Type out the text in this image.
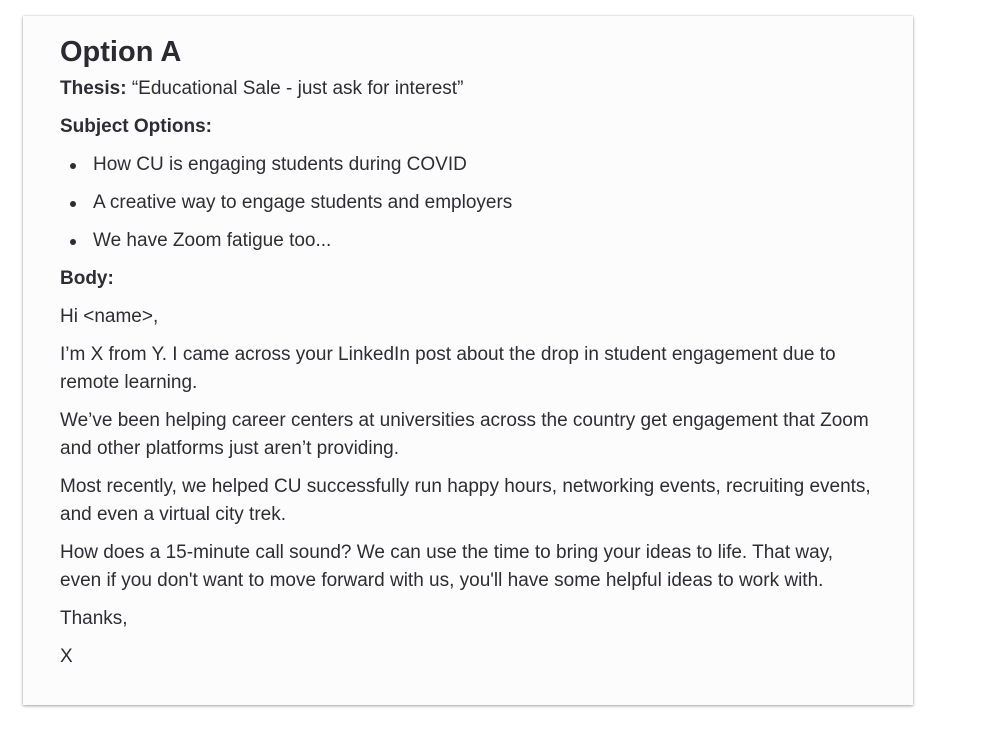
Option A

Thesis: “Educational Sale - just ask for interest”

Subject Options:

How CU is engaging students during COVID
A creative way to engage students and employers
We have Zoom fatigue too...

Body:

Hi <name>,

I’m X from Y. I came across your LinkedIn post about the drop in student engagement due to remote learning.

We’ve been helping career centers at universities across the country get engagement that Zoom and other platforms just aren’t providing.

Most recently, we helped CU successfully run happy hours, networking events, recruiting events, and even a virtual city trek.

How does a 15-minute call sound? We can use the time to bring your ideas to life. That way, even if you don't want to move forward with us, you'll have some helpful ideas to work with.

Thanks,

X
